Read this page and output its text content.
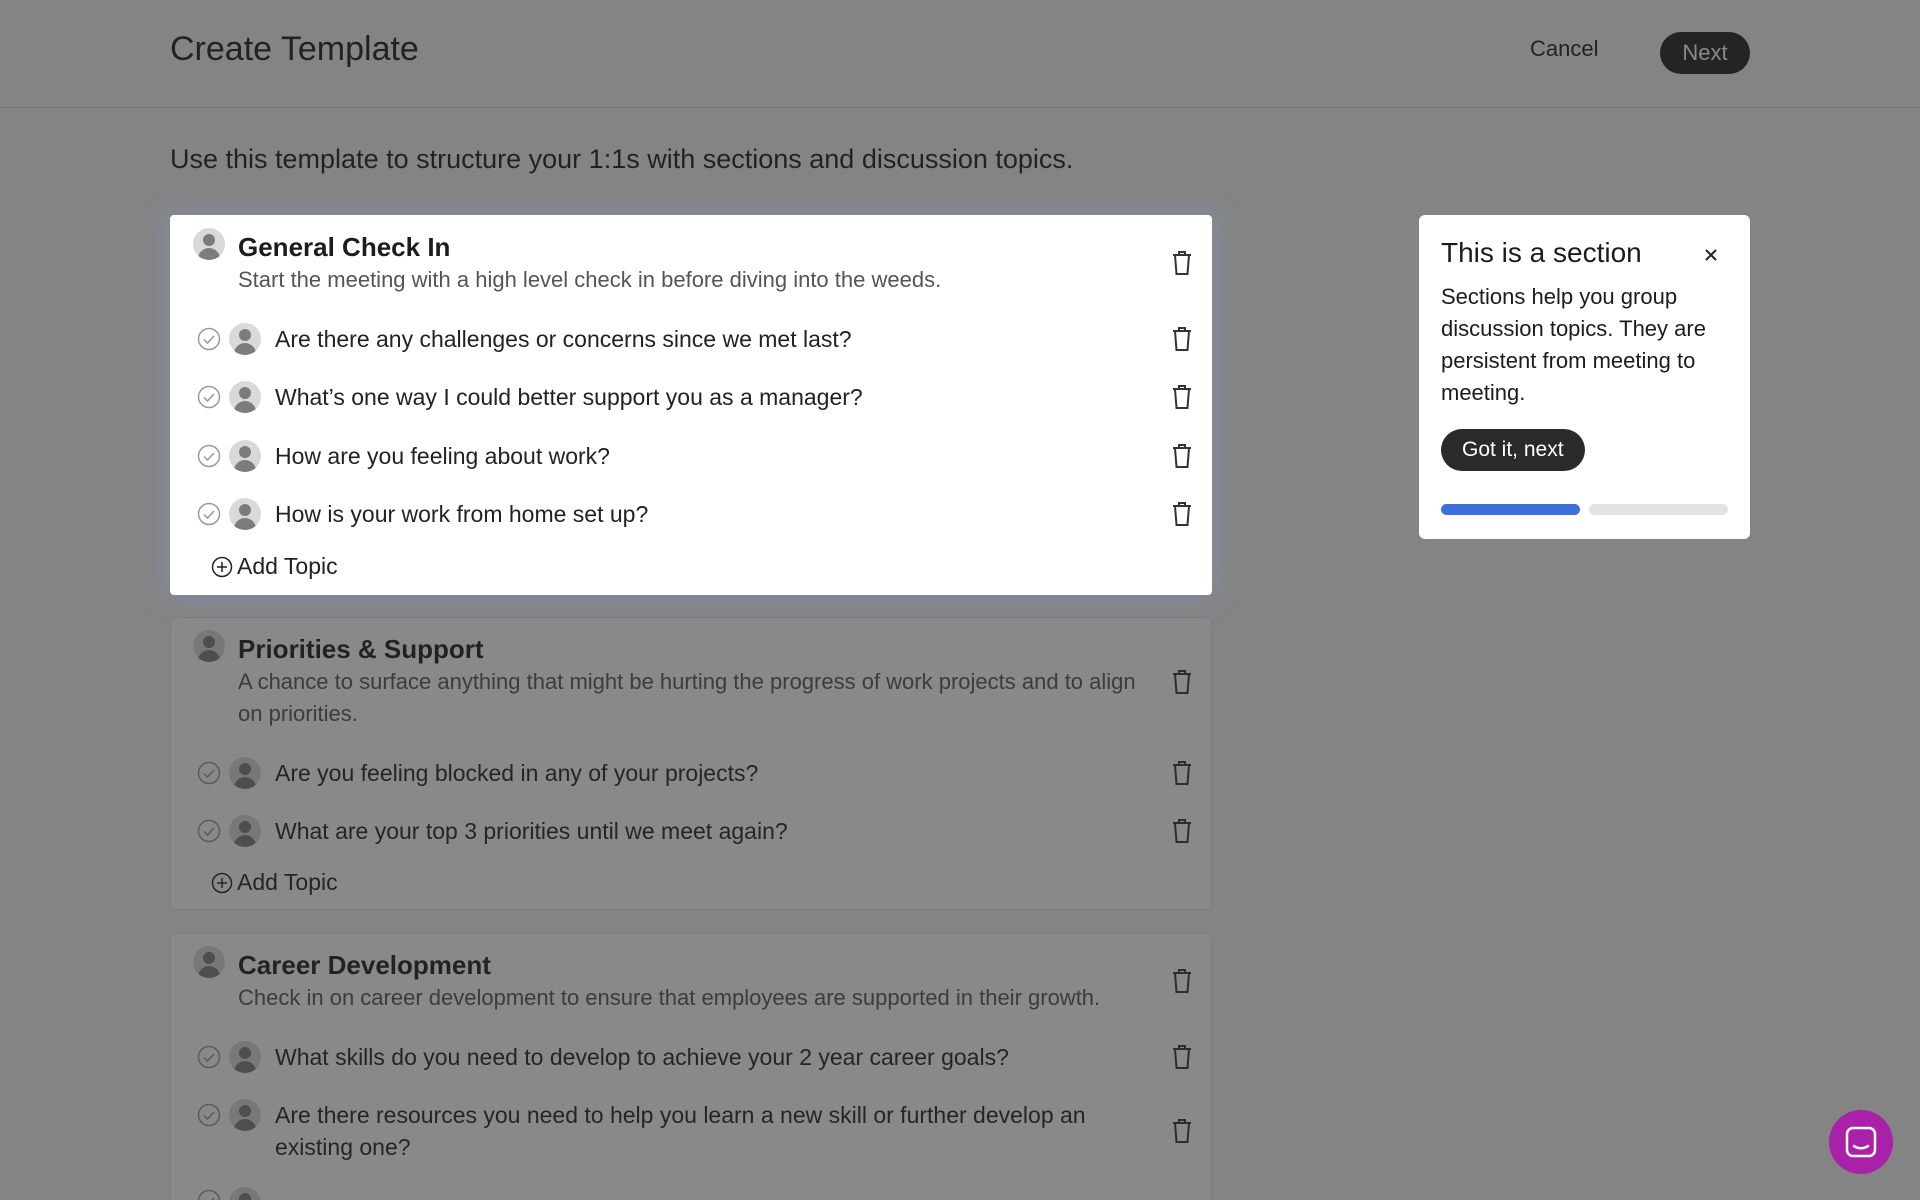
General Check In
Start the meeting with a high level check in before diving into the weeds.
Are there any challenges or concerns since we met last?
What’s one way I could better support you as a manager?
How are you feeling about work?
How is your work from home set up?
Add Topic
This is a section
Sections help you group discussion topics. They are persistent from meeting to meeting.
Got it, next
